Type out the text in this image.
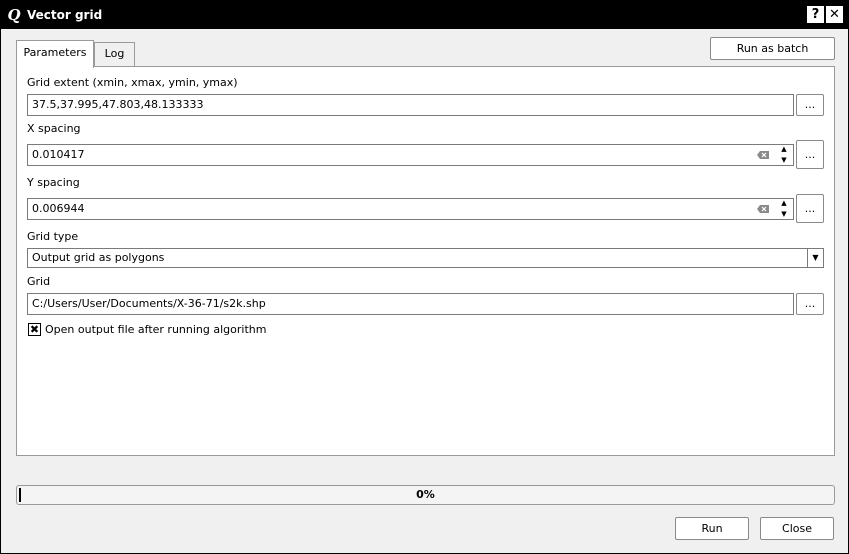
Q Vector grid	? ✕
Parameters	Log	Run as batch
Grid extent (xmin, xmax, ymin, ymax)
37.5,37.995,47.803,48.133333	...
X spacing
0.010417	▲
▼	...
Y spacing
0.006944	▲
▼	...
Grid type
Output grid as polygons	▼
Grid
C:/Users/User/Documents/X-36-71/s2k.shp	...
✖ Open output file after running algorithm
0%
Run	Close
